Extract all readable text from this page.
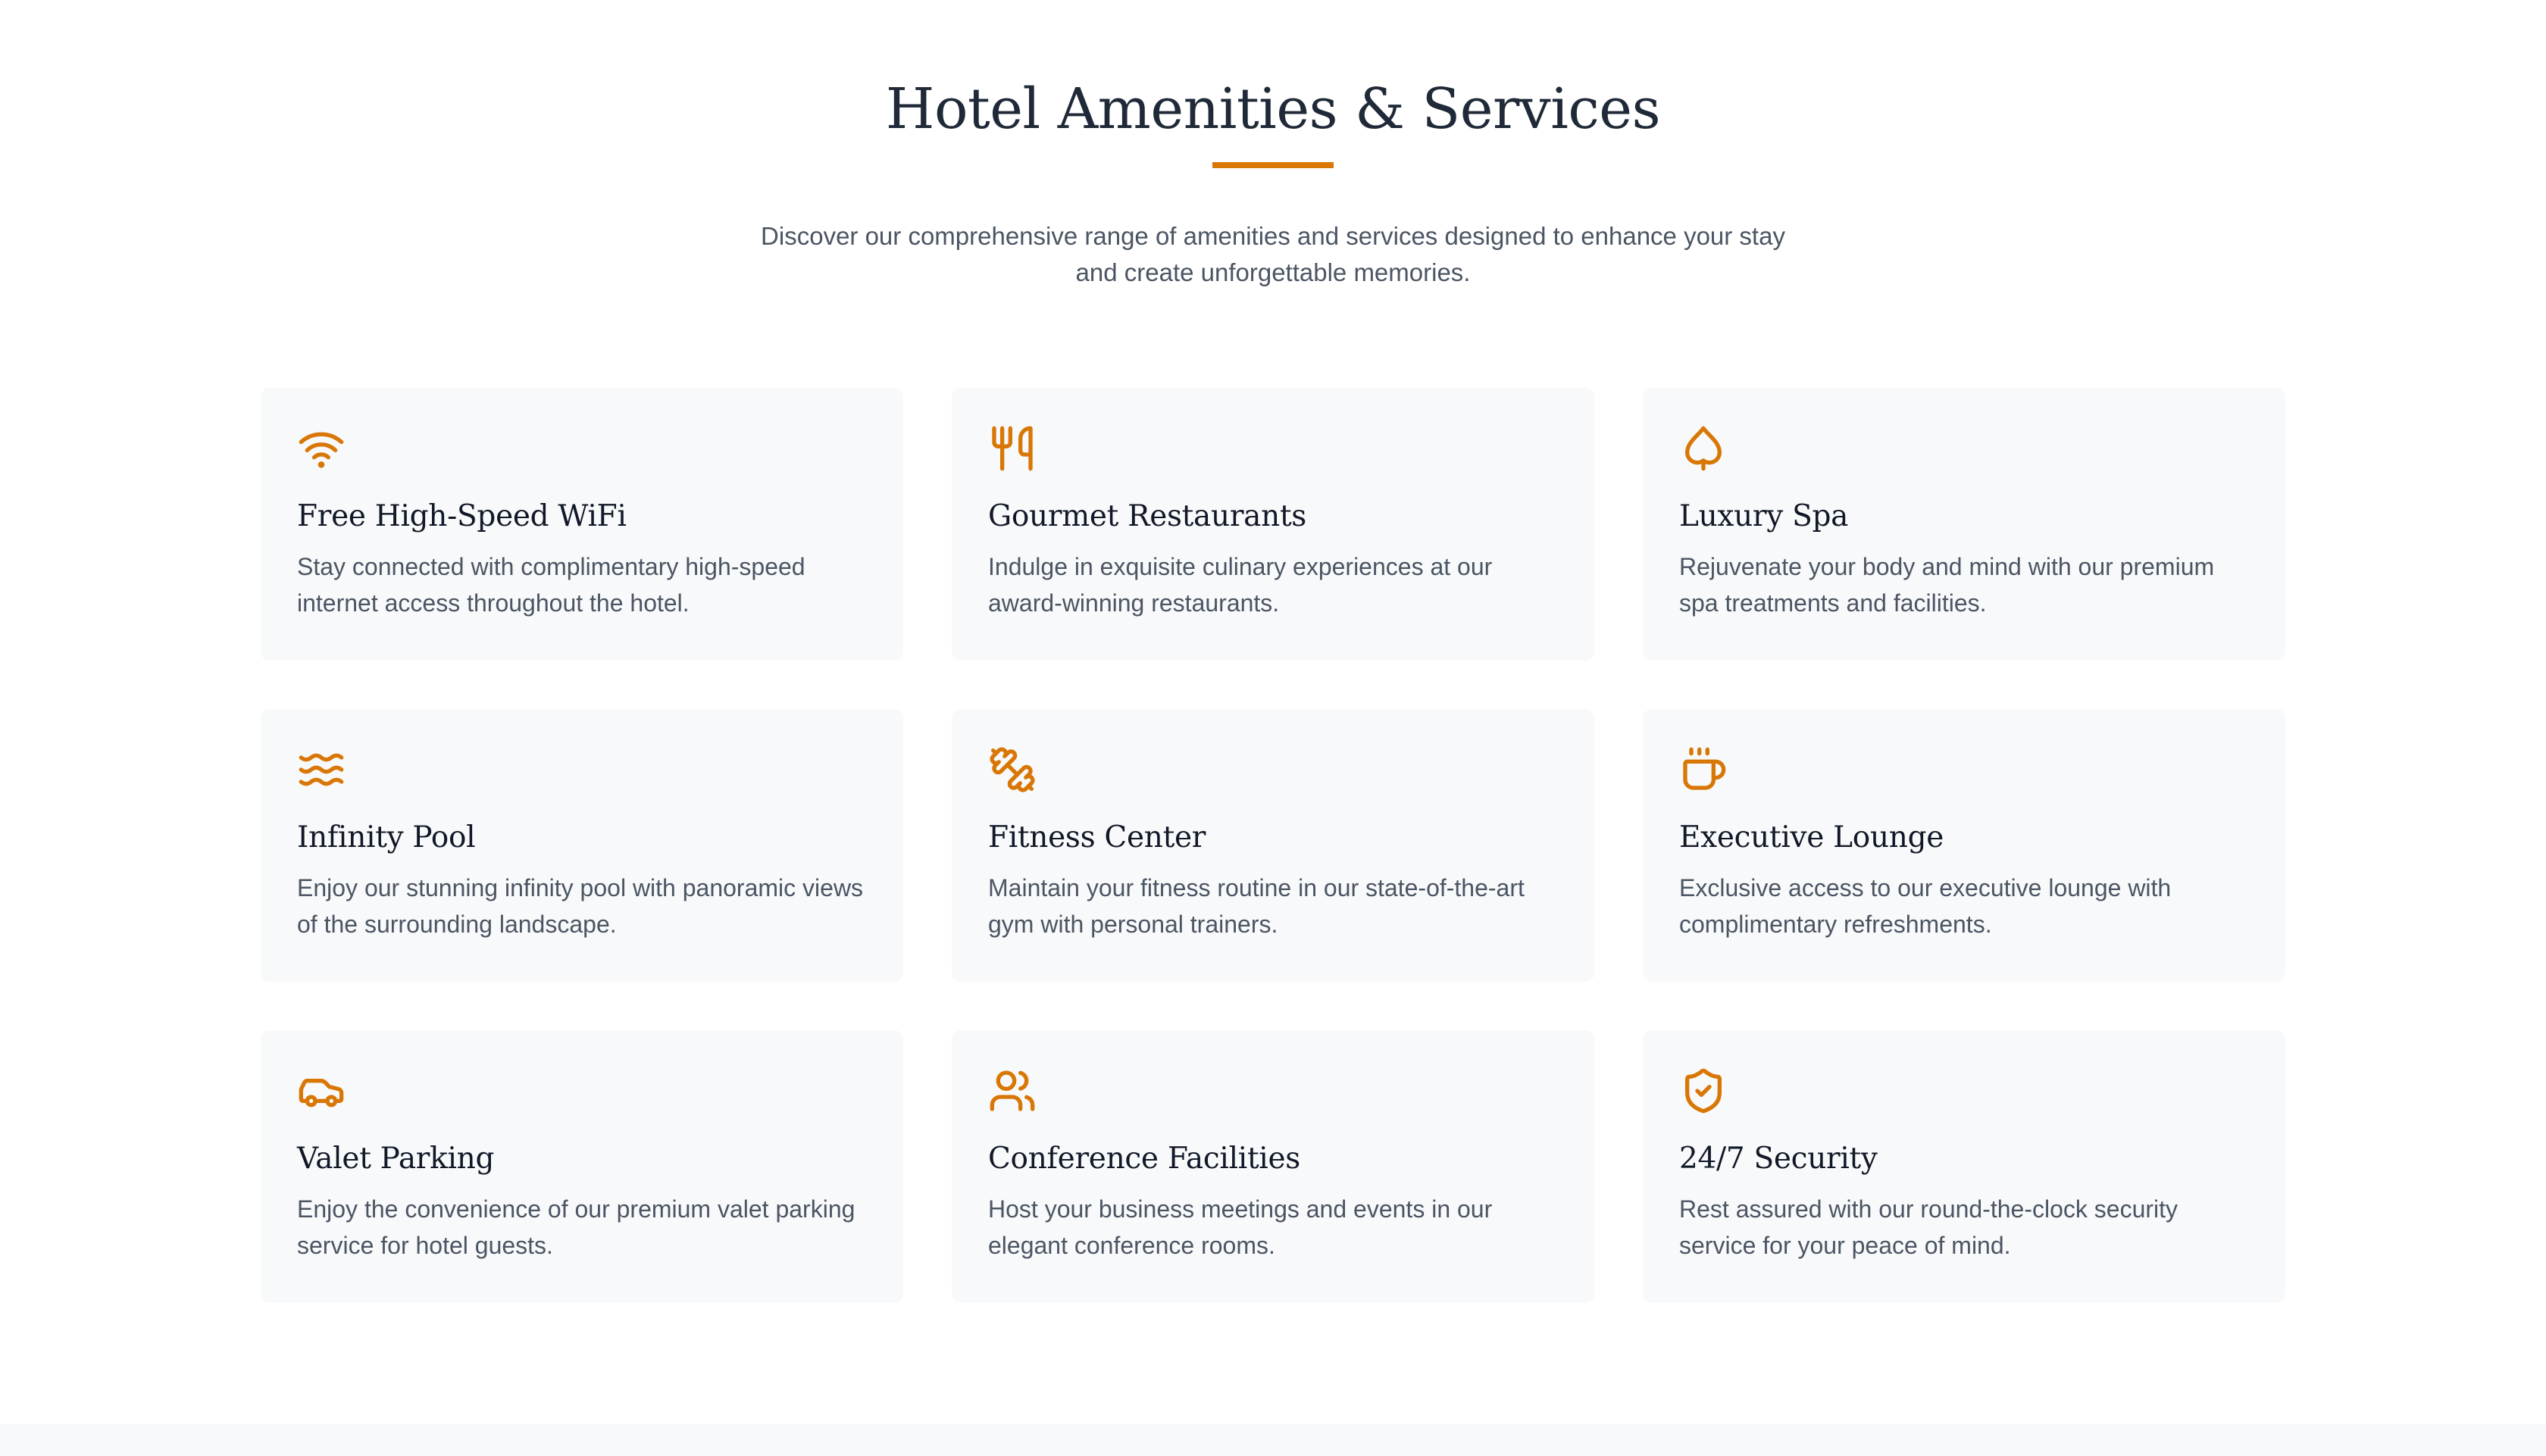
Hotel Amenities & Services

Discover our comprehensive range of amenities and services designed to enhance your stay and create unforgettable memories.

Free High-Speed WiFi

Stay connected with complimentary high-speed internet access throughout the hotel.

Gourmet Restaurants

Indulge in exquisite culinary experiences at our award-winning restaurants.

Luxury Spa

Rejuvenate your body and mind with our premium spa treatments and facilities.

Infinity Pool

Enjoy our stunning infinity pool with panoramic views of the surrounding landscape.

Fitness Center

Maintain your fitness routine in our state-of-the-art gym with personal trainers.

Executive Lounge

Exclusive access to our executive lounge with complimentary refreshments.

Valet Parking

Enjoy the convenience of our premium valet parking service for hotel guests.

Conference Facilities

Host your business meetings and events in our elegant conference rooms.

24/7 Security

Rest assured with our round-the-clock security service for your peace of mind.
